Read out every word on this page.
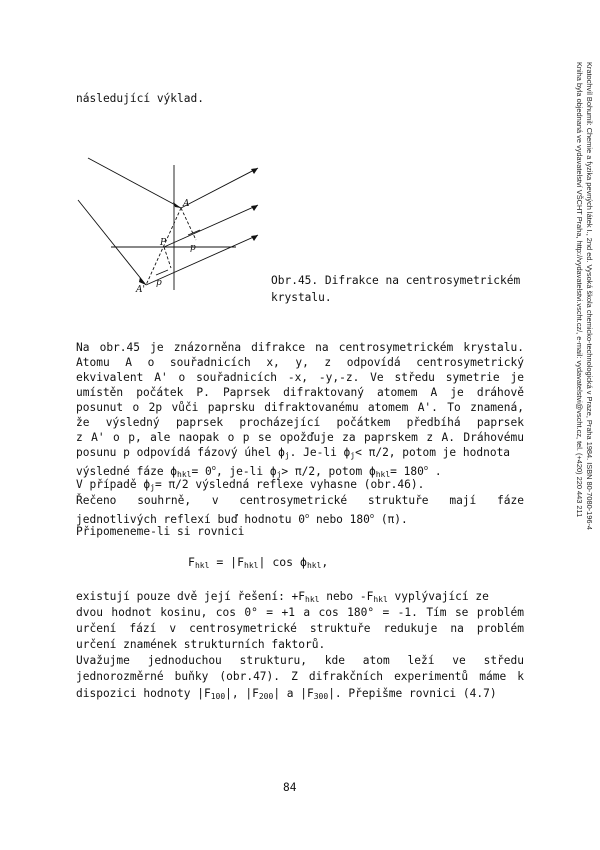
následující výklad.
A
A'
P	p
p	Obr.45. Difrakce na centrosymetrickém
krystalu.
Na obr.45 je znázorněna difrakce na centrosymetrickém krystalu.
Atomu A o souřadnicích x, y, z odpovídá centrosymetrický
ekvivalent A' o souřadnicích -x, -y,-z. Ve středu symetrie je
umístěn počátek P. Paprsek difraktovaný atomem A je dráhově
posunut o 2p vůči paprsku difraktovanému atomem A'. To znamená,
že výsledný paprsek procházející počátkem předbíhá paprsek
z A' o p, ale naopak o p se opožďuje za paprskem z A. Dráhovému
posunu p odpovídá fázový úhel $\phi_j$. Je-li $\phi_j< \pi/2$, potom je hodnota
výsledné fáze $\phi_{hkl}= 0^o$, je-li $\phi_j> \pi/2$, potom $\phi_{hkl}= 180^o$ .
V případě $\phi_j= \pi/2$ výsledná reflexe vyhasne (obr.46).
Řečeno souhrně, v centrosymetrické struktuře mají fáze
jednotlivých reflexí buď hodnotu 0$^o$ nebo 180$^o$ (π).
Připomeneme-li si rovnici
$F_{hkl} = |F_{hkl}|$ $\cos \phi_{hkl}$,
existují pouze dvě její řešení: $+F_{hkl}$ nebo $-F_{hkl}$ vyplývající ze
dvou hodnot kosinu, cos 0° = +1 a cos 180° = -1. Tím se problém
určení fází v centrosymetrické struktuře redukuje na problém
určení znamének strukturních faktorů.
Uvažujme jednoduchou strukturu, kde atom leží ve středu
jednorozměrné buňky (obr.47). Z difrakčních experimentů máme k
dispozici hodnoty $|F_{100}|$, $|F_{200}|$ a $|F_{300}|$. Přepišme rovnici (4.7)
84
Kratochvíl Bohumil: Chemie a fyzika pevných látek I., 2nd ed. Vysoká škola chemicko-technologická v Praze, Praha 1984. ISBN 80-7080-196-4
Kniha byla objednaná ve vydavatelství VŠCHT Praha, http://vydavatelstvi.vscht.cz/, e-mail: vydavatelstvi@vscht.cz, tel. (+420) 220 443 211
